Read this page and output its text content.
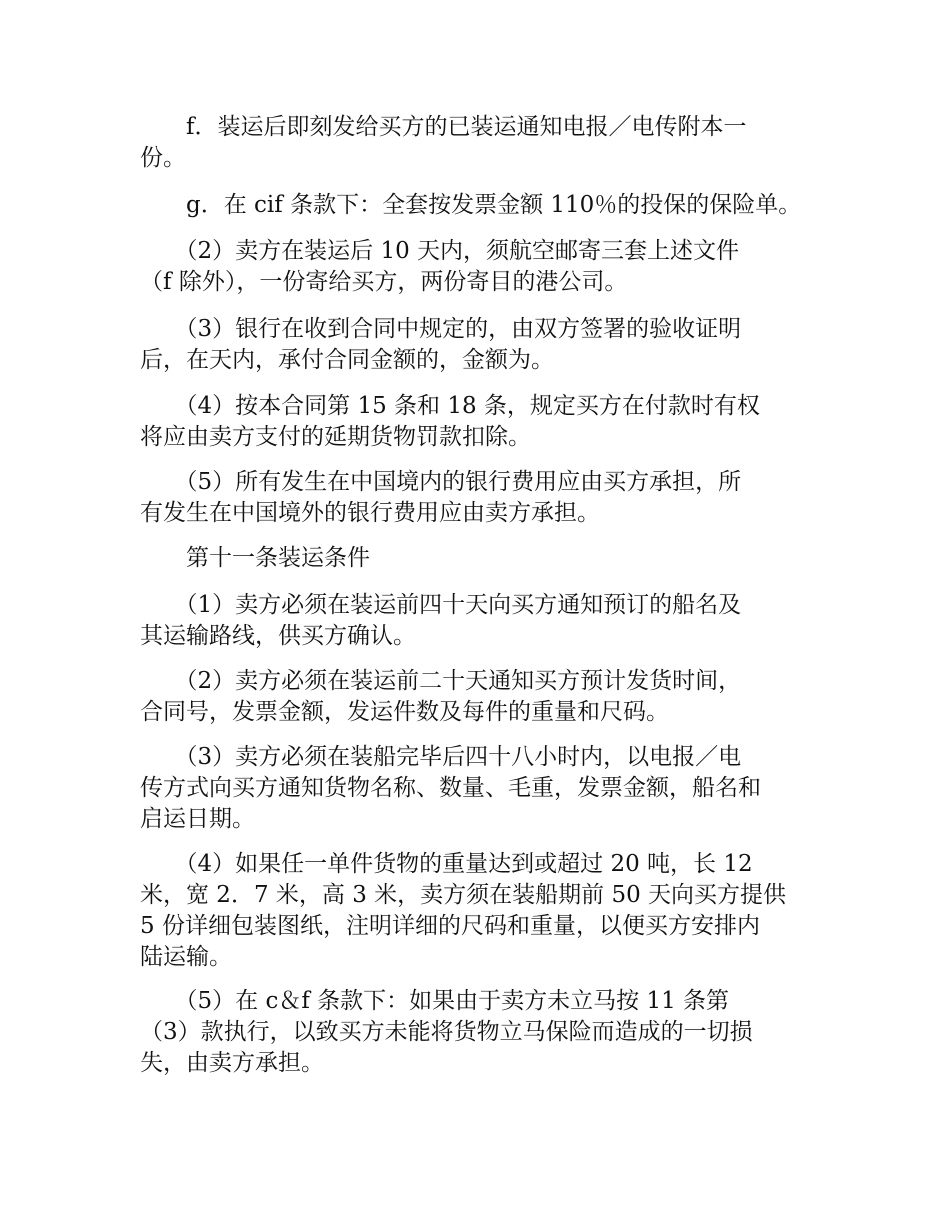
　　f．装运后即刻发给买方的已装运通知电报／电传附本一
份。

　　g．在 cif 条款下：全套按发票金额 110％的投保的保险单。

　　（2）卖方在装运后 10 天内，须航空邮寄三套上述文件
（f 除外），一份寄给买方，两份寄目的港公司。

　　（3）银行在收到合同中规定的，由双方签署的验收证明
后，在天内，承付合同金额的，金额为。

　　（4）按本合同第 15 条和 18 条，规定买方在付款时有权
将应由卖方支付的延期货物罚款扣除。

　　（5）所有发生在中国境内的银行费用应由买方承担，所
有发生在中国境外的银行费用应由卖方承担。

　　第十一条装运条件

　　（1）卖方必须在装运前四十天向买方通知预订的船名及
其运输路线，供买方确认。

　　（2）卖方必须在装运前二十天通知买方预计发货时间，
合同号，发票金额，发运件数及每件的重量和尺码。

　　（3）卖方必须在装船完毕后四十八小时内，以电报／电
传方式向买方通知货物名称、数量、毛重，发票金额，船名和
启运日期。

　　（4）如果任一单件货物的重量达到或超过 20 吨，长 12
米，宽 2．7 米，高 3 米，卖方须在装船期前 50 天向买方提供
5 份详细包装图纸，注明详细的尺码和重量，以便买方安排内
陆运输。

　　（5）在 c＆f 条款下：如果由于卖方未立马按 11 条第
（3）款执行，以致买方未能将货物立马保险而造成的一切损
失，由卖方承担。
